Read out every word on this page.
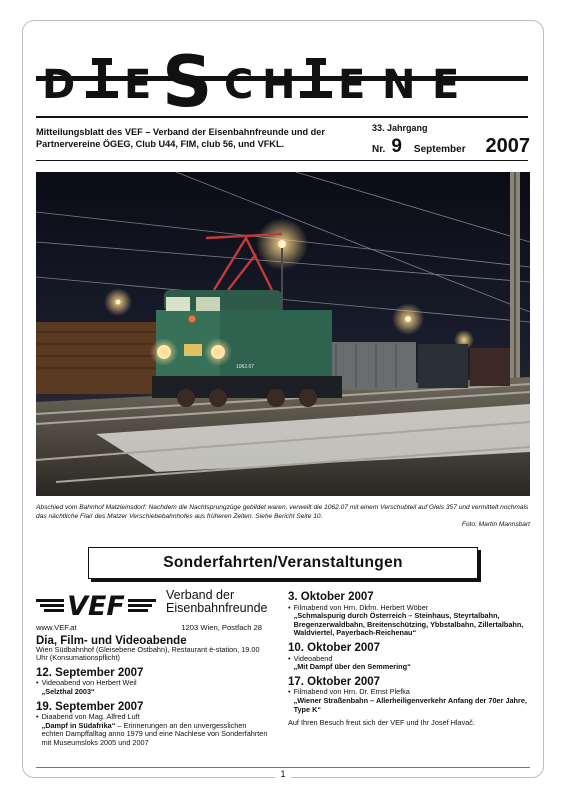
D E S C H E N E
Mitteilungsblatt des VEF – Verband der Eisenbahnfreunde und der Partnervereine ÖGEG, Club U44, FIM, club 56, und VFKL.
33. Jahrgang
Nr. 9 September 2007
1062.07
Abschied vom Bahnhof Matzleinsdorf: Nachdem die Nachtsprungzüge gebildet waren, verweilt die 1062.07 mit einem Verschubteil auf Gleis 357 und vermittelt nochmals das nächtliche Flair des Matzer Verschiebebahnhofes aus früheren Zeiten. Siehe Bericht Seite 10.
Foto: Martin Mannsbart
Sonderfahrten/Veranstaltungen
VEF	Verband der
Eisenbahnfreunde
www.VEF.at	1203 Wien, Postfach 28
Dia, Film- und Videoabende

Wien Südbahnhof (Gleisebene Ostbahn), Restaurant è-station, 19.00 Uhr (Konsumationspflicht)

12. September 2007
• Videoabend von Herbert Weil
„Selzthal 2003“
19. September 2007
• Diaabend von Mag. Alfred Luft
„Dampf in Südafrika“ – Erinnerungen an den unvergesslichen echten Dampffalltag anno 1979 und eine Nachlese von Sonderfahrten mit Museumsloks 2005 und 2007
3. Oktober 2007
• Filmabend von Hrn. Dkfm. Herbert Wöber
„Schmalspurig durch Österreich – Steinhaus, Steyrtalbahn, Bregenzerwaldbahn, Breitenschützing, Ybbstalbahn, Zillertalbahn, Waldviertel, Payerbach-Reichenau“
10. Oktober 2007
• Videoabend
„Mit Dampf über den Semmering“
17. Oktober 2007
• Filmabend von Hrn. Dr. Ernst Plefka
„Wiener Straßenbahn – Allerheiligenverkehr Anfang der 70er Jahre, Type K“

Auf Ihren Besuch freut sich der VEF und Ihr Josef Hlavač.

1
